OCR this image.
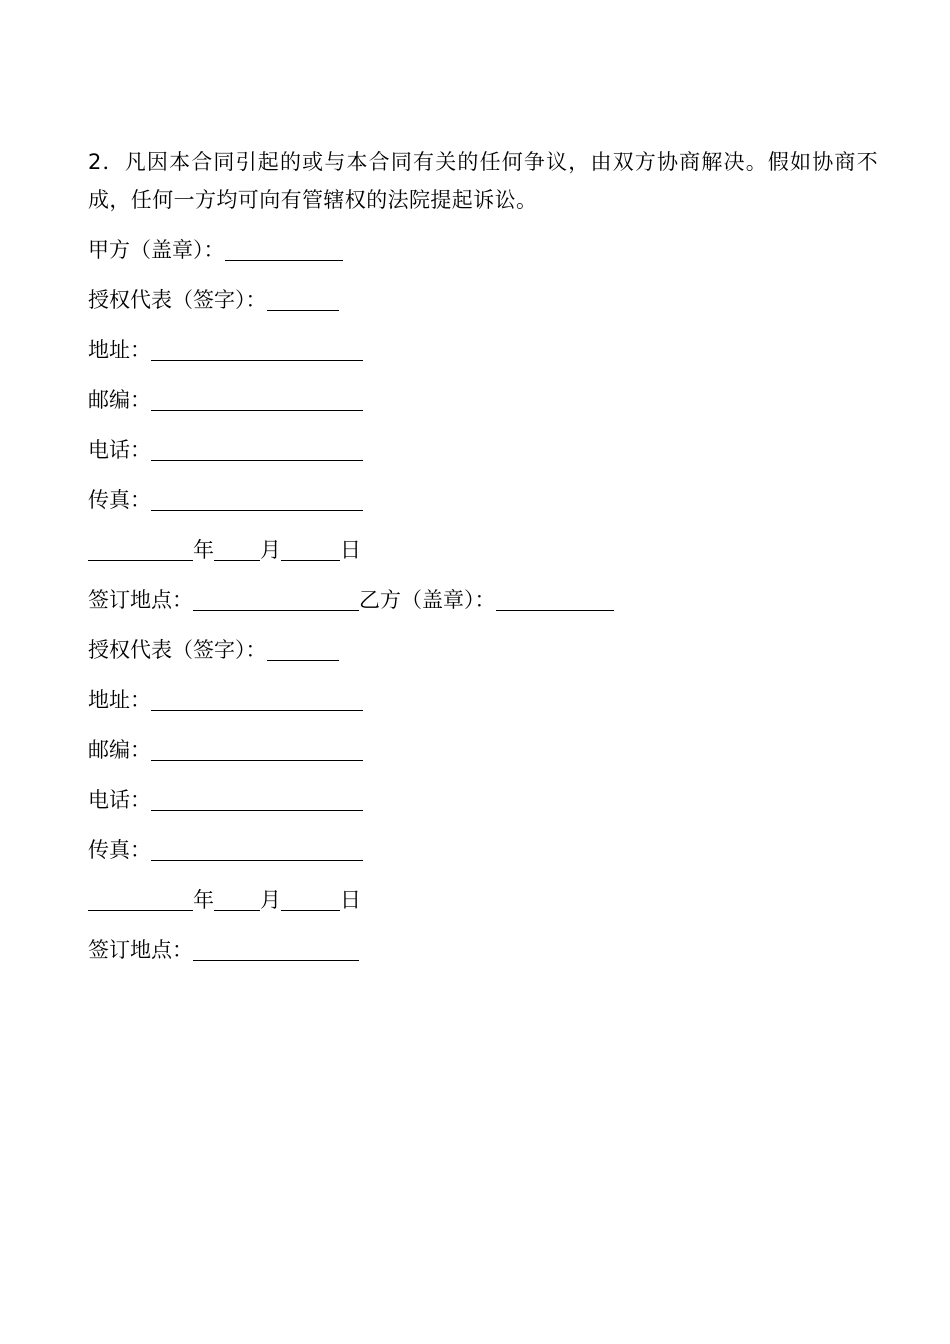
2．凡因本合同引起的或与本合同有关的任何争议，由双方协商解决。假如协商不成，任何一方均可向有管辖权的法院提起诉讼。

甲方（盖章）：
授权代表（签字）：
地址：
邮编：
电话：
传真：
年 月	日
签订地点：	乙方（盖章）：
授权代表（签字）：
地址：
邮编：
电话：
传真：
年 月	日
签订地点：
